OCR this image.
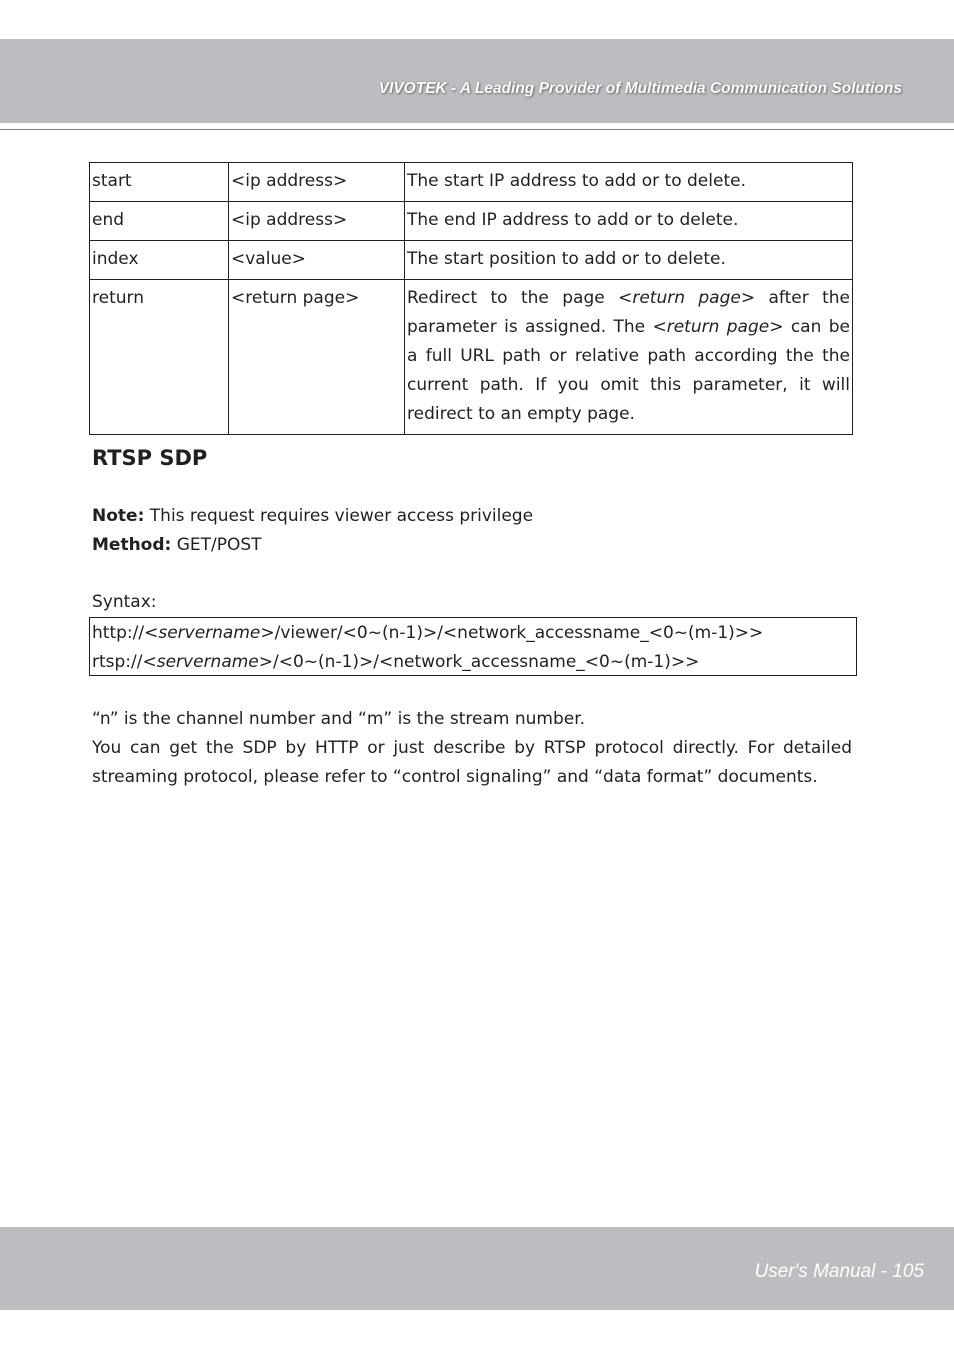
VIVOTEK - A Leading Provider of Multimedia Communication Solutions
start	<ip address>	The start IP address to add or to delete.
end	<ip address>	The end IP address to add or to delete.
index	<value>	The start position to add or to delete.
return	<return page>	Redirect to the page <return page> after the parameter is assigned. The <return page> can be a full URL path or relative path according the the current path. If you omit this parameter, it will redirect to an empty page.
RTSP SDP
Note: This request requires viewer access privilege
Method: GET/POST
Syntax:
http://<servername>/viewer/<0~(n-1)>/<network_accessname_<0~(m-1)>>
rtsp://<servername>/<0~(n-1)>/<network_accessname_<0~(m-1)>>
“n” is the channel number and “m” is the stream number.
You can get the SDP by HTTP or just describe by RTSP protocol directly. For detailed streaming protocol, please refer to “control signaling” and “data format” documents.
User's Manual - 105
